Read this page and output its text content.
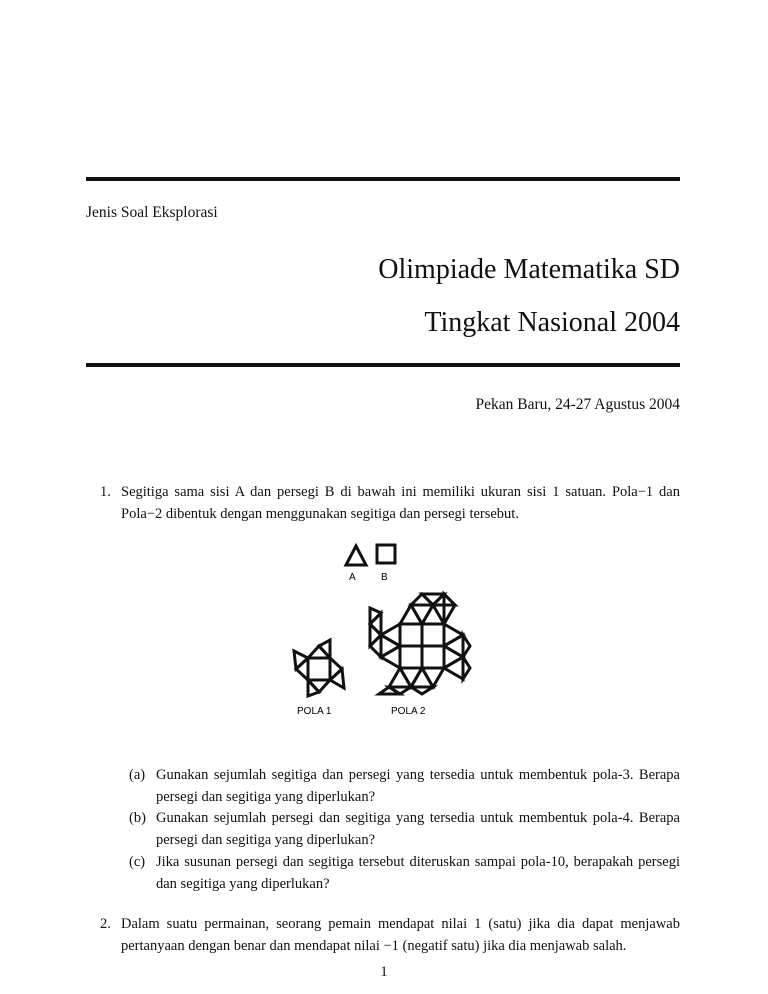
Jenis Soal Eksplorasi
Olimpiade Matematika SD
Tingkat Nasional 2004
Pekan Baru, 24-27 Agustus 2004
1. Segitiga sama sisi A dan persegi B di bawah ini memiliki ukuran sisi 1 satuan. Pola−1 dan Pola−2 dibentuk dengan menggunakan segitiga dan persegi tersebut.
A	B
POLA 1	POLA 2
(a) Gunakan sejumlah segitiga dan persegi yang tersedia untuk membentuk pola-3. Berapa persegi dan segitiga yang diperlukan?
(b) Gunakan sejumlah persegi dan segitiga yang tersedia untuk membentuk pola-4. Berapa persegi dan segitiga yang diperlukan?
(c) Jika susunan persegi dan segitiga tersebut diteruskan sampai pola-10, berapakah persegi dan segitiga yang diperlukan?
2. Dalam suatu permainan, seorang pemain mendapat nilai 1 (satu) jika dia dapat menjawab pertanyaan dengan benar dan mendapat nilai −1 (negatif satu) jika dia menjawab salah.
1
